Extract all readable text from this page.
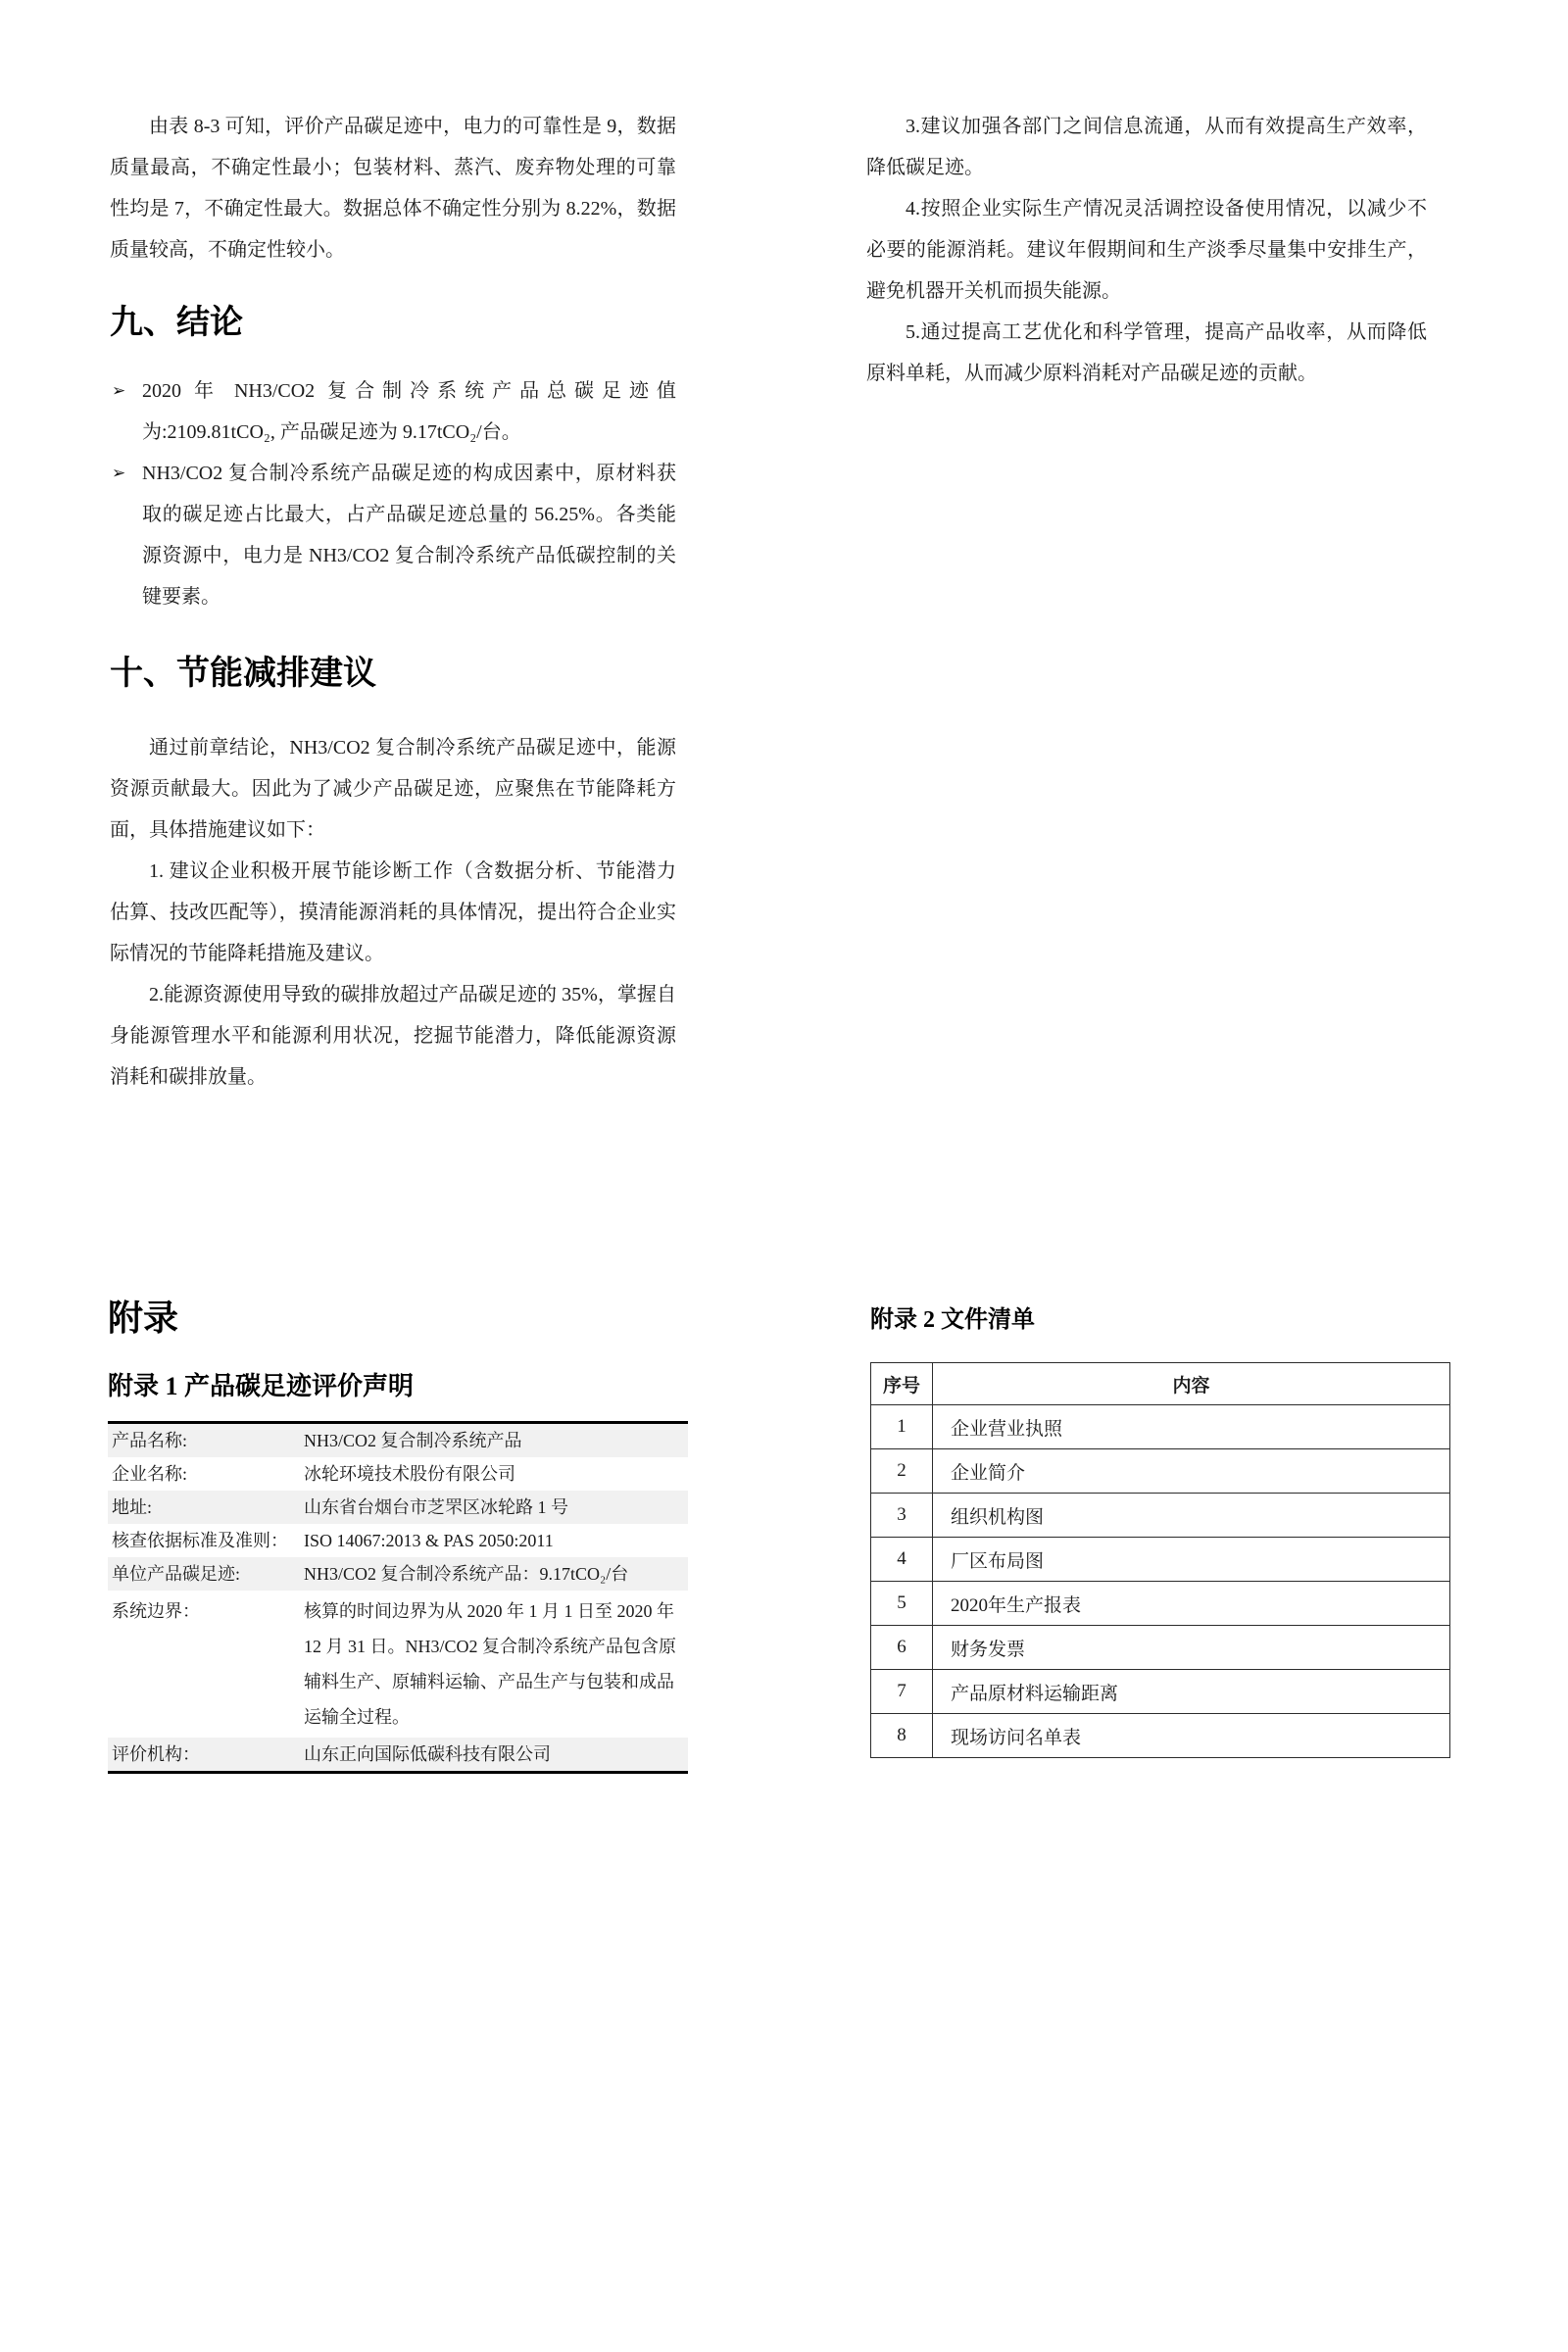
由表 8-3 可知，评价产品碳足迹中，电力的可靠性是 9，数据质量最高，不确定性最小；包装材料、蒸汽、废弃物处理的可靠性均是 7，不确定性最大。数据总体不确定性分别为 8.22%，数据质量较高，不确定性较小。

九、结论
➢ 2020 年 NH3/CO2 复合制冷系统产品总碳足迹值为:2109.81tCO₂, 产品碳足迹为 9.17tCO₂/台。
➢ NH3/CO2 复合制冷系统产品碳足迹的构成因素中，原材料获取的碳足迹占比最大，占产品碳足迹总量的 56.25%。各类能源资源中，电力是 NH3/CO2 复合制冷系统产品低碳控制的关键要素。
十、节能减排建议

通过前章结论，NH3/CO2 复合制冷系统产品碳足迹中，能源资源贡献最大。因此为了减少产品碳足迹，应聚焦在节能降耗方面，具体措施建议如下：

1. 建议企业积极开展节能诊断工作（含数据分析、节能潜力估算、技改匹配等），摸清能源消耗的具体情况，提出符合企业实际情况的节能降耗措施及建议。

2.能源资源使用导致的碳排放超过产品碳足迹的 35%，掌握自身能源管理水平和能源利用状况，挖掘节能潜力，降低能源资源消耗和碳排放量。

3.建议加强各部门之间信息流通，从而有效提高生产效率，降低碳足迹。

4.按照企业实际生产情况灵活调控设备使用情况，以减少不必要的能源消耗。建议年假期间和生产淡季尽量集中安排生产，避免机器开关机而损失能源。

5.通过提高工艺优化和科学管理，提高产品收率，从而降低原料单耗，从而减少原料消耗对产品碳足迹的贡献。

附录
附录 1 产品碳足迹评价声明
产品名称:	NH3/CO2 复合制冷系统产品
企业名称:	冰轮环境技术股份有限公司
地址:	山东省台烟台市芝罘区冰轮路 1 号
核查依据标准及准则：	ISO 14067:2013 & PAS 2050:2011
单位产品碳足迹:	NH3/CO2 复合制冷系统产品：9.17tCO₂/台
系统边界：	核算的时间边界为从 2020 年 1 月 1 日至 2020 年 12 月 31 日。NH3/CO2 复合制冷系统产品包含原辅料生产、原辅料运输、产品生产与包装和成品运输全过程。
评价机构：	山东正向国际低碳科技有限公司
附录 2 文件清单
序号	内容
1	企业营业执照
2	企业简介
3	组织机构图
4	厂区布局图
5	2020年生产报表
6	财务发票
7	产品原材料运输距离
8	现场访问名单表
